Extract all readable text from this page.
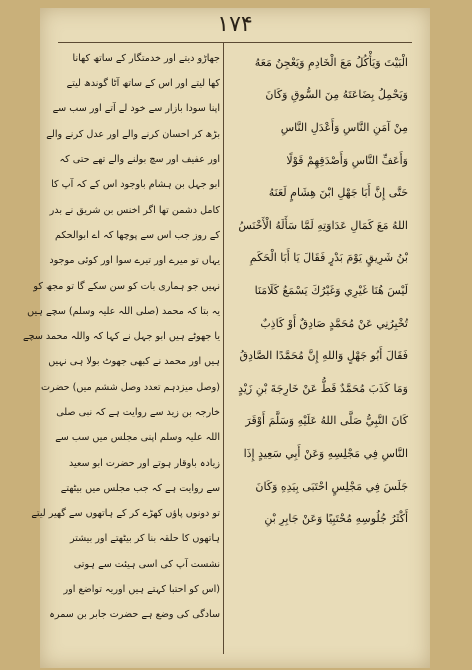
۱۷۴
الْبَيْتَ وَيَأْكُلُ مَعَ الْخَادِمِ وَيَعْجِنُ مَعَهُ
وَيَحْمِلُ بِضَاعَتَهُ مِنَ السُّوقِ وَكَانَ
مِنْ آمَنِ النَّاسِ وَأَعْدَلِ النَّاسِ
وَأَعَفِّ النَّاسِ وَأَصْدَقِهِمْ قَوْلًا
حَتَّى إِنَّ أَبَا جَهْلِ ابْنَ هِشَامٍ لَعَنَهُ
اللهُ مَعَ كَمَالِ عَدَاوَتِهِ لَمَّا سَأَلَهُ الْأَخْنَسُ
بْنُ شَرِيقٍ يَوْمَ بَدْرٍ فَقَالَ يَا أَبَا الْحَكَمِ
لَيْسَ هُنَا غَيْرِي وَغَيْرُكَ يَسْمَعُ كَلَامَنَا
تُخْبِرُنِي عَنْ مُحَمَّدٍ صَادِقٌ أَوْ كَاذِبٌ
فَقَالَ أَبُو جَهْلٍ وَاللهِ إِنَّ مُحَمَّدًا الصَّادِقُ
وَمَا كَذَبَ مُحَمَّدٌ قَطُّ عَنْ خَارِجَةَ بْنِ زَيْدٍ
كَانَ النَّبِيُّ صَلَّى اللهُ عَلَيْهِ وَسَلَّمَ أَوْقَرَ
النَّاسِ فِي مَجْلِسِهِ وَعَنْ أَبِي سَعِيدٍ إِذَا
جَلَسَ فِي مَجْلِسٍ احْتَبَى بِيَدِهِ وَكَانَ
أَكْثَرُ جُلُوسِهِ مُحْتَبِيًا وَعَنْ جَابِرِ بْنِ
جھاڑو دیتے اور خدمتگار کے ساتھ کھانا
کھا لیتے اور اس کے ساتھ آٹا گوندھ لیتے
اپنا سودا بازار سے خود لے آتے اور سب سے
بڑھ کر احسان کرنے والے اور عدل کرنے والے
اور عفیف اور سچ بولنے والے تھے حتی کہ
ابو جہل بن ہشام باوجود اس کے کہ آپ کا
کامل دشمن تھا اگر اخنس بن شریق نے بدر
کے روز جب اس سے پوچھا کہ اے ابوالحکم
یہاں تو میرے اور تیرے سوا اور کوئی موجود
نہیں جو ہماری بات کو سن سکے گا تو مجھ کو
یہ بتا کہ محمد (صلی اللہ علیہ وسلم) سچے ہیں
یا جھوٹے ہیں ابو جہل نے کہا کہ واللہ محمد سچے
ہیں اور محمد نے کبھی جھوٹ بولا ہی نہیں
(وصل میزدہم تعدد وصل ششم میں) حضرت
خارجہ بن زید سے روایت ہے کہ نبی صلی
اللہ علیہ وسلم اپنی مجلس میں سب سے
زیادہ باوقار ہوتے اور حضرت ابو سعید
سے روایت ہے کہ جب مجلس میں بیٹھتے
تو دونوں پاؤں کھڑے کر کے ہاتھوں سے گھیر لیتے
ہاتھوں کا حلقہ بنا کر بیٹھتے اور بیشتر
نشست آپ کی اسی ہیئت سے ہوتی
(اس کو احتبا کہتے ہیں اوریہ تواضع اور
سادگی کی وضع ہے حضرت جابر بن سمرہ
